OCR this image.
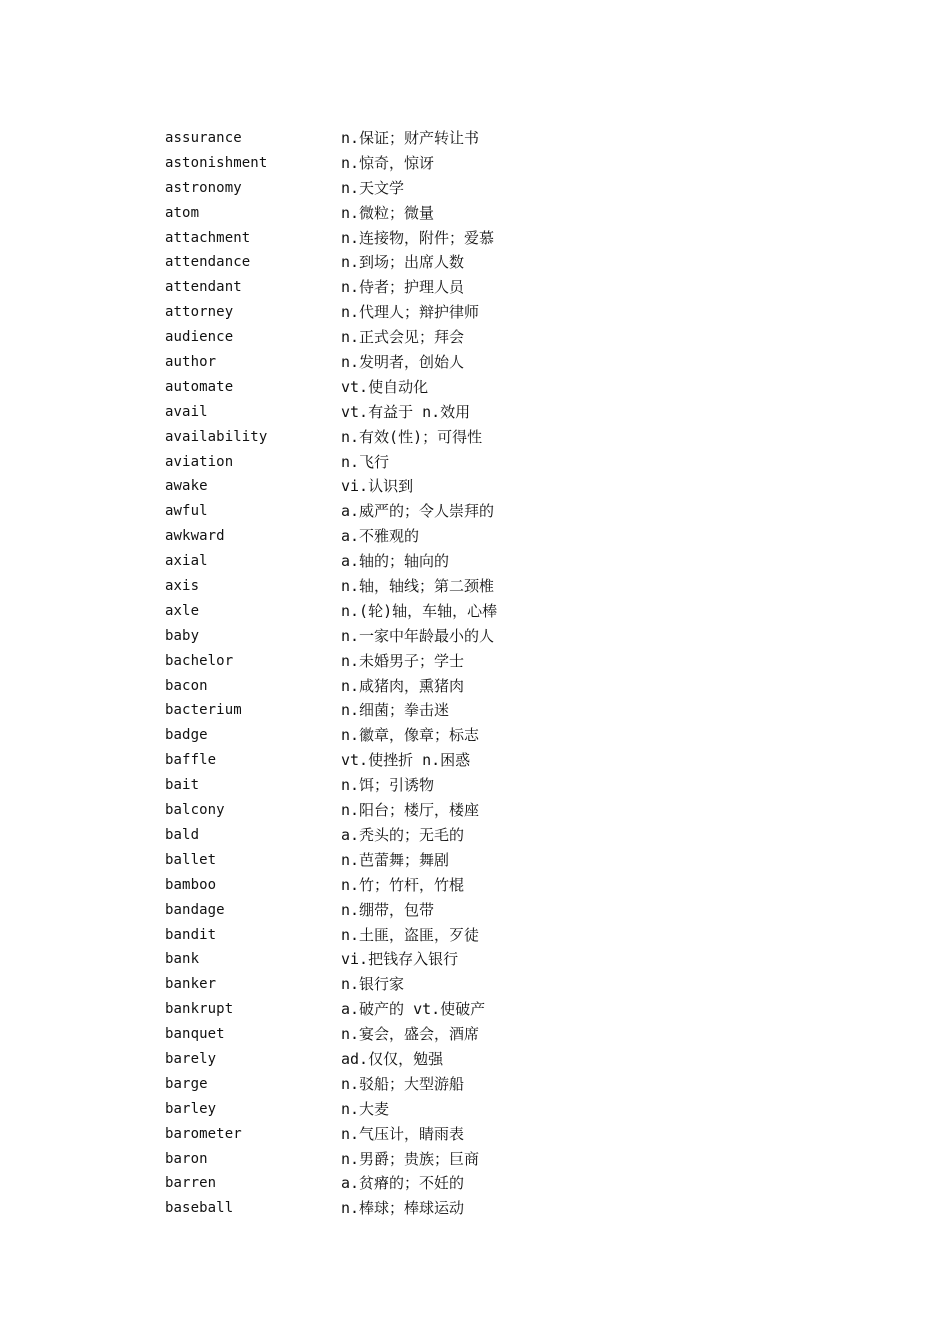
assurance	n.保证；财产转让书
astonishment	n.惊奇，惊讶
astronomy	n.天文学
atom	n.微粒；微量
attachment	n.连接物，附件；爱慕
attendance	n.到场；出席人数
attendant	n.侍者；护理人员
attorney	n.代理人；辩护律师
audience	n.正式会见；拜会
author	n.发明者，创始人
automate	vt.使自动化
avail	vt.有益于 n.效用
availability	n.有效(性)；可得性
aviation	n.飞行
awake	vi.认识到
awful	a.威严的；令人崇拜的
awkward	a.不雅观的
axial	a.轴的；轴向的
axis	n.轴，轴线；第二颈椎
axle	n.(轮)轴，车轴，心棒
baby	n.一家中年龄最小的人
bachelor	n.未婚男子；学士
bacon	n.咸猪肉，熏猪肉
bacterium	n.细菌；拳击迷
badge	n.徽章，像章；标志
baffle	vt.使挫折 n.困惑
bait	n.饵；引诱物
balcony	n.阳台；楼厅，楼座
bald	a.秃头的；无毛的
ballet	n.芭蕾舞；舞剧
bamboo	n.竹；竹杆，竹棍
bandage	n.绷带，包带
bandit	n.土匪，盗匪，歹徒
bank	vi.把钱存入银行
banker	n.银行家
bankrupt	a.破产的 vt.使破产
banquet	n.宴会，盛会，酒席
barely	ad.仅仅，勉强
barge	n.驳船；大型游船
barley	n.大麦
barometer	n.气压计，睛雨表
baron	n.男爵；贵族；巨商
barren	a.贫瘠的；不妊的
baseball	n.棒球；棒球运动
